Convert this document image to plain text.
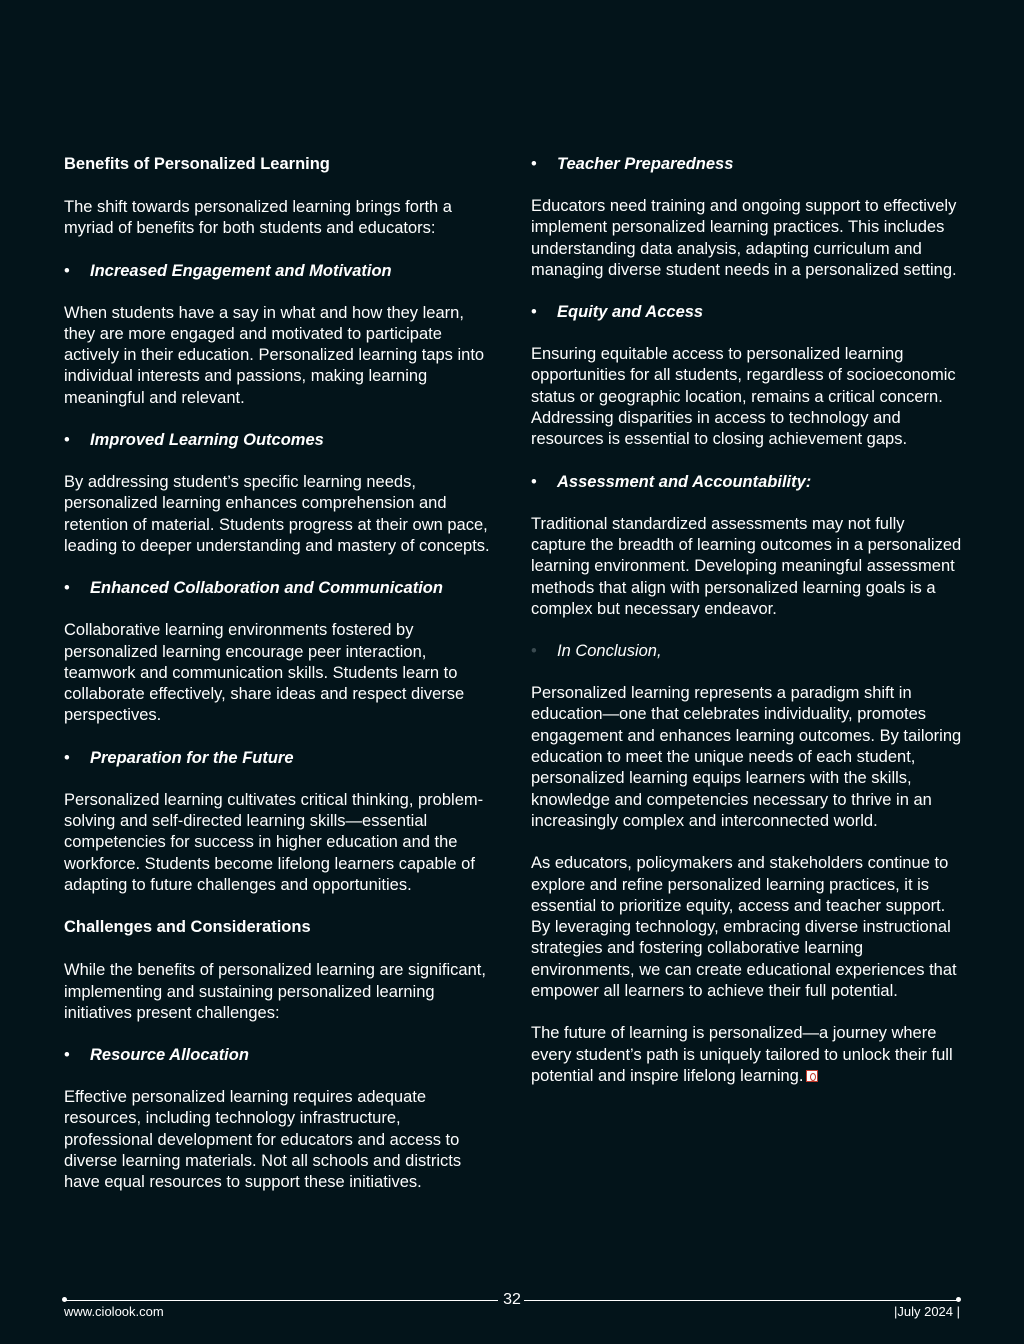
Benefits of Personalized Learning
The shift towards personalized learning brings forth a myriad of benefits for both students and educators:
• Increased Engagement and Motivation
When students have a say in what and how they learn, they are more engaged and motivated to participate actively in their education. Personalized learning taps into individual interests and passions, making learning meaningful and relevant.
• Improved Learning Outcomes
By addressing student’s specific learning needs, personalized learning enhances comprehension and retention of material. Students progress at their own pace, leading to deeper understanding and mastery of concepts.
• Enhanced Collaboration and Communication
Collaborative learning environments fostered by personalized learning encourage peer interaction, teamwork and communication skills. Students learn to collaborate effectively, share ideas and respect diverse perspectives.
• Preparation for the Future
Personalized learning cultivates critical thinking, problem-solving and self-directed learning skills—essential competencies for success in higher education and the workforce. Students become lifelong learners capable of adapting to future challenges and opportunities.
Challenges and Considerations
While the benefits of personalized learning are significant, implementing and sustaining personalized learning initiatives present challenges:
• Resource Allocation
Effective personalized learning requires adequate resources, including technology infrastructure, professional development for educators and access to diverse learning materials. Not all schools and districts have equal resources to support these initiatives.
• Teacher Preparedness
Educators need training and ongoing support to effectively implement personalized learning practices. This includes understanding data analysis, adapting curriculum and managing diverse student needs in a personalized setting.
• Equity and Access
Ensuring equitable access to personalized learning opportunities for all students, regardless of socioeconomic status or geographic location, remains a critical concern. Addressing disparities in access to technology and resources is essential to closing achievement gaps.
• Assessment and Accountability:
Traditional standardized assessments may not fully capture the breadth of learning outcomes in a personalized learning environment. Developing meaningful assessment methods that align with personalized learning goals is a complex but necessary endeavor.
• In Conclusion,
Personalized learning represents a paradigm shift in education—one that celebrates individuality, promotes engagement and enhances learning outcomes. By tailoring education to meet the unique needs of each student, personalized learning equips learners with the skills, knowledge and competencies necessary to thrive in an increasingly complex and interconnected world.
As educators, policymakers and stakeholders continue to explore and refine personalized learning practices, it is essential to prioritize equity, access and teacher support. By leveraging technology, embracing diverse instructional strategies and fostering collaborative learning environments, we can create educational experiences that empower all learners to achieve their full potential.
The future of learning is personalized—a journey where every student’s path is uniquely tailored to unlock their full potential and inspire lifelong learning.
32
www.ciolook.com	|July 2024 |
